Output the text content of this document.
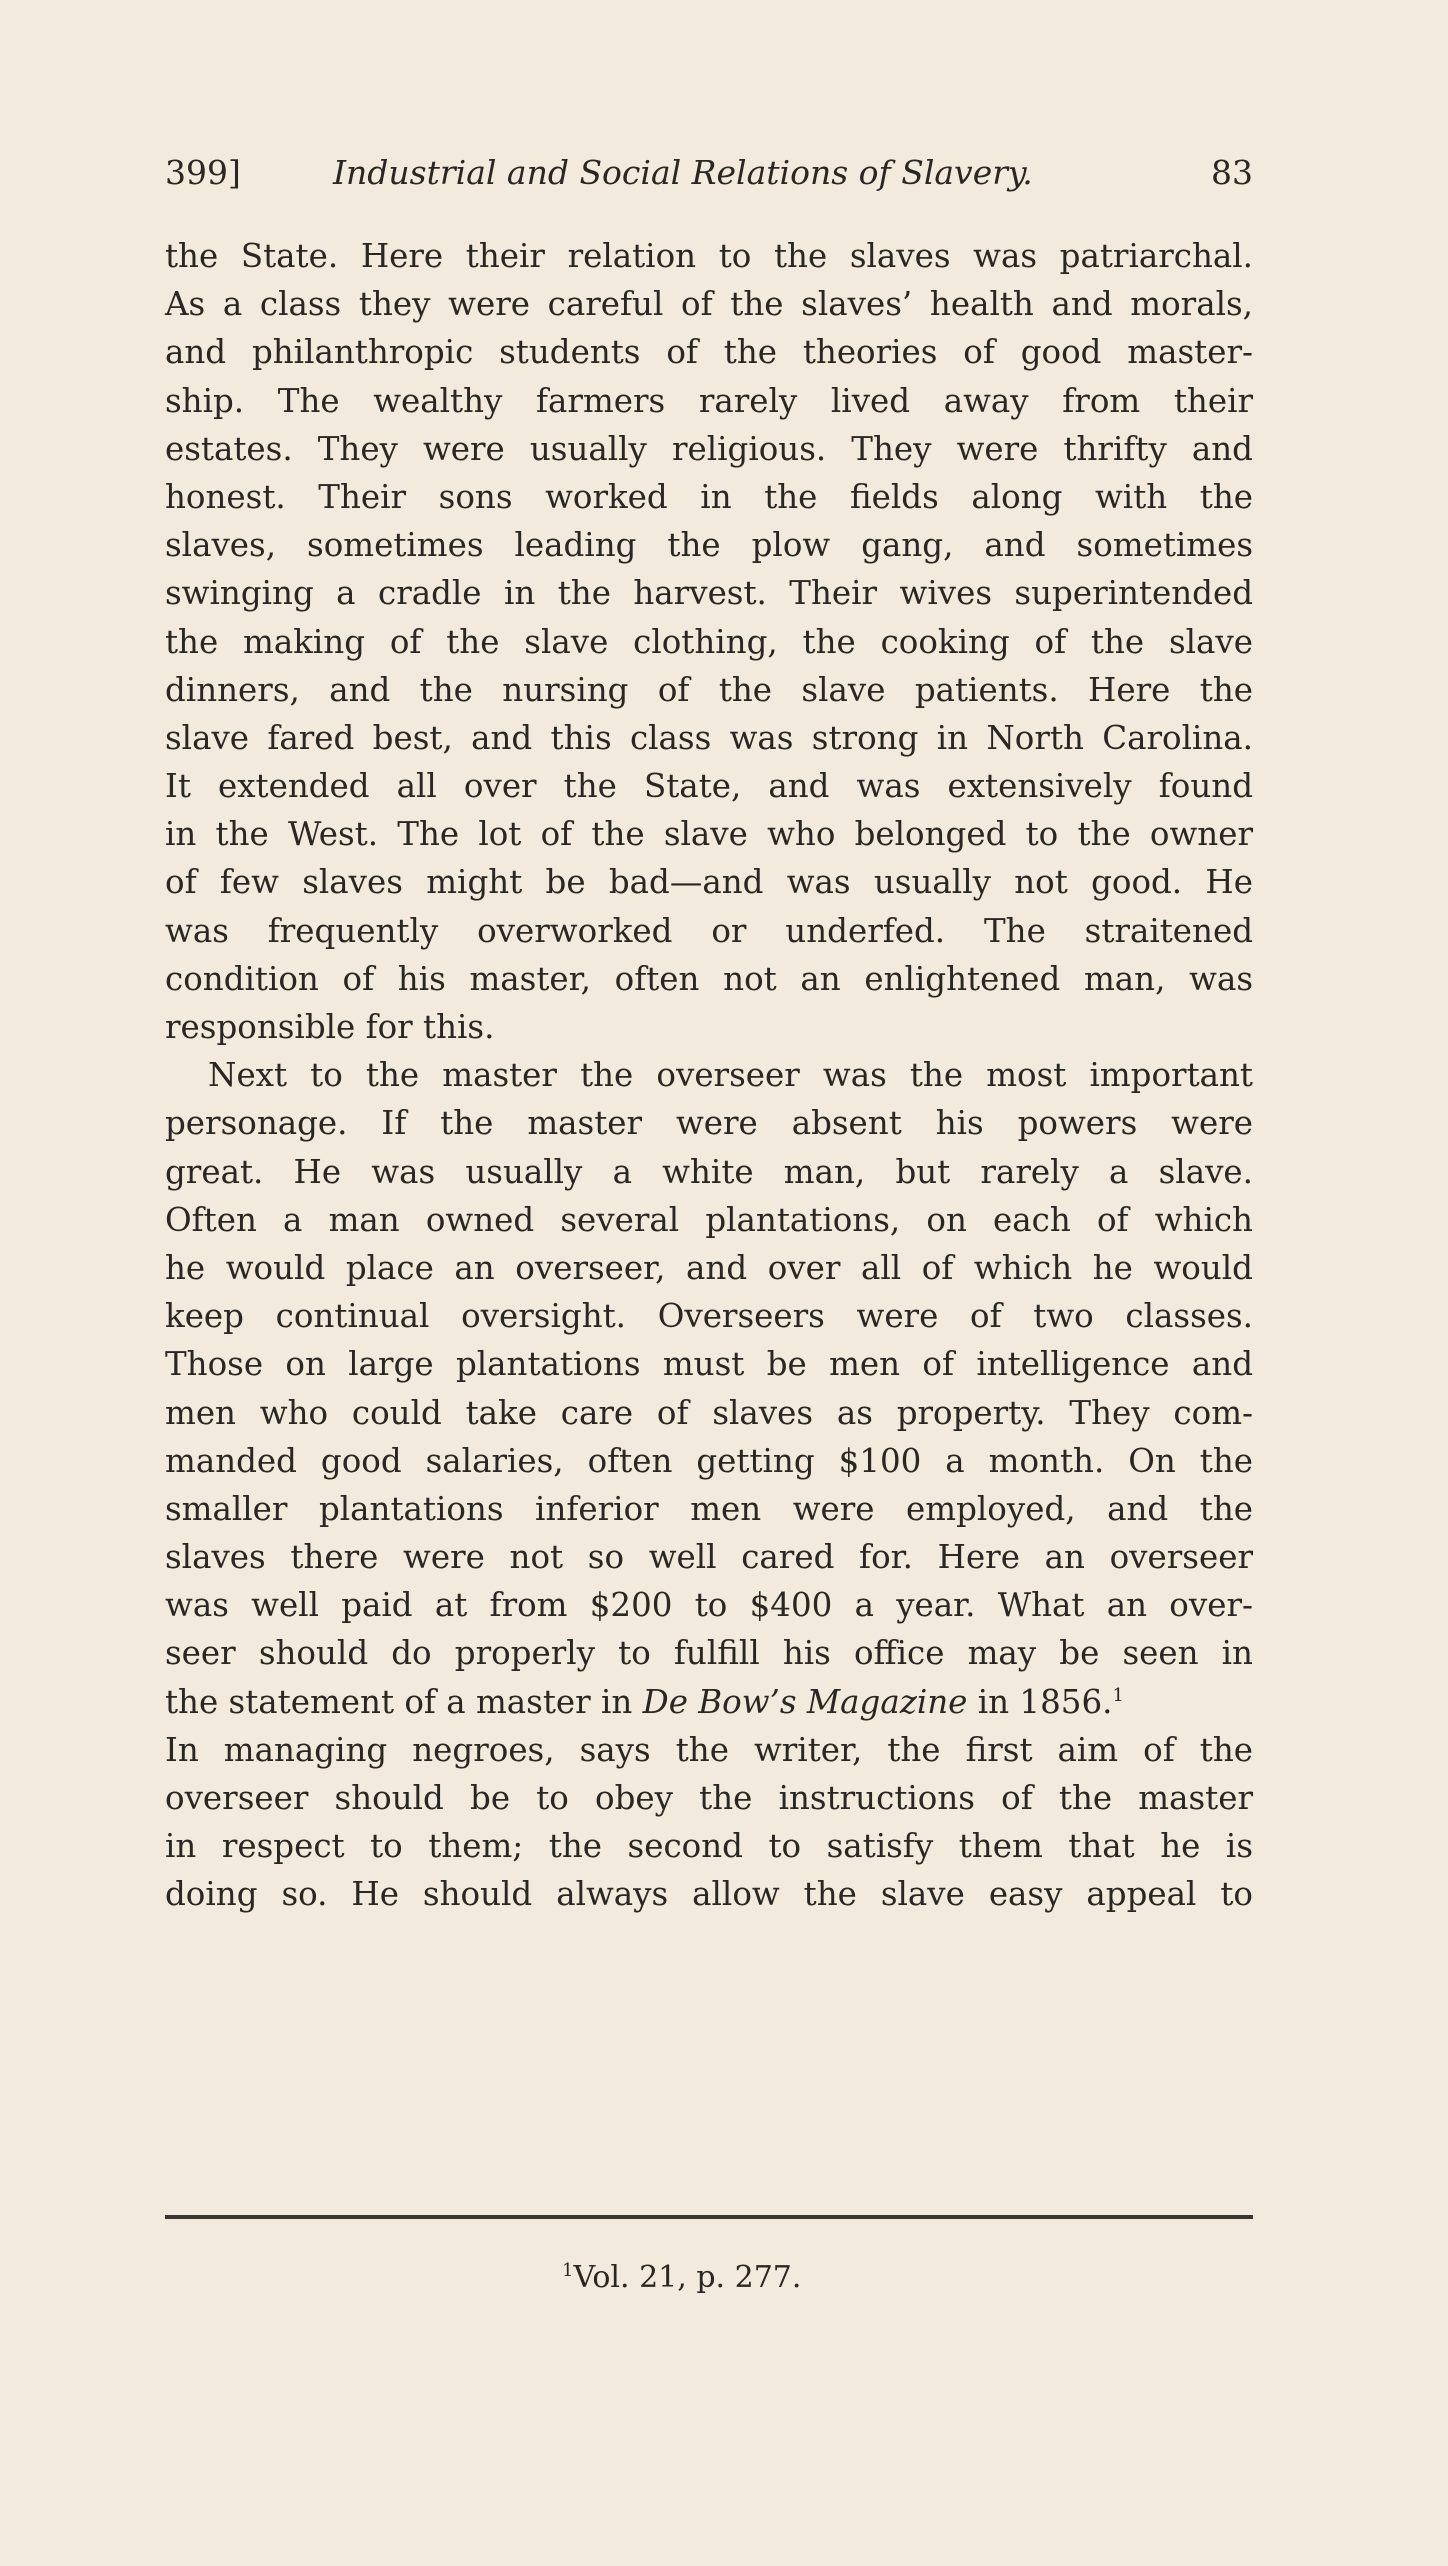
399]	Industrial and Social Relations of Slavery.	83
the State. Here their relation to the slaves was patriarchal.
As a class they were careful of the slaves’ health and morals,
and philanthropic students of the theories of good master-
ship. The wealthy farmers rarely lived away from their
estates. They were usually religious. They were thrifty and
honest. Their sons worked in the fields along with the
slaves, sometimes leading the plow gang, and sometimes
swinging a cradle in the harvest. Their wives superintended
the making of the slave clothing, the cooking of the slave
dinners, and the nursing of the slave patients. Here the
slave fared best, and this class was strong in North Carolina.
It extended all over the State, and was extensively found
in the West. The lot of the slave who belonged to the owner
of few slaves might be bad—and was usually not good. He
was frequently overworked or underfed. The straitened
condition of his master, often not an enlightened man, was
responsible for this.
Next to the master the overseer was the most important
personage. If the master were absent his powers were
great. He was usually a white man, but rarely a slave.
Often a man owned several plantations, on each of which
he would place an overseer, and over all of which he would
keep continual oversight. Overseers were of two classes.
Those on large plantations must be men of intelligence and
men who could take care of slaves as property. They com-
manded good salaries, often getting $100 a month. On the
smaller plantations inferior men were employed, and the
slaves there were not so well cared for. Here an overseer
was well paid at from $200 to $400 a year. What an over-
seer should do properly to fulfill his office may be seen in
the statement of a master in De Bow’s Magazine in 1856.$^1$
In managing negroes, says the writer, the first aim of the
overseer should be to obey the instructions of the master
in respect to them; the second to satisfy them that he is
doing so. He should always allow the slave easy appeal to
$^1$Vol. 21, p. 277.
